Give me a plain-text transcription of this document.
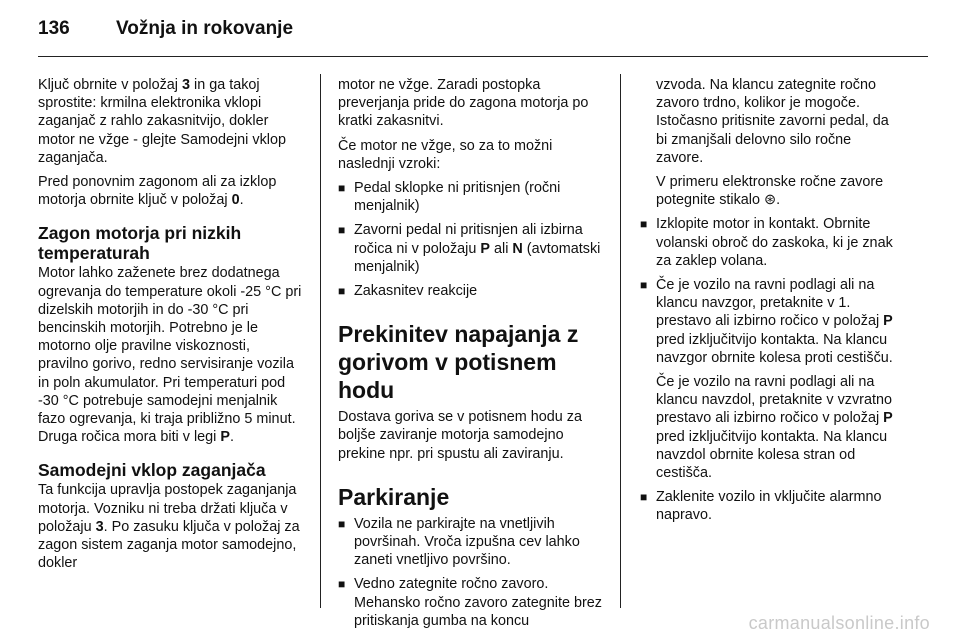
136	Vožnja in rokovanje

Ključ obrnite v položaj 3 in ga takoj sprostite: krmilna elektronika vklopi zaganjač z rahlo zakasnitvijo, dokler motor ne vžge - glejte Samodejni vklop zaganjača.

Pred ponovnim zagonom ali za izklop motorja obrnite ključ v položaj 0.

Zagon motorja pri nizkih temperaturah

Motor lahko zaženete brez dodatnega ogrevanja do temperature okoli -25 °C pri dizelskih motorjih in do -30 °C pri bencinskih motorjih. Potrebno je le motorno olje pravilne viskoznosti, pravilno gorivo, redno servisiranje vozila in poln akumulator. Pri temperaturi pod -30 °C potrebuje samodejni menjalnik fazo ogrevanja, ki traja približno 5 minut. Druga ročica mora biti v legi P.

Samodejni vklop zaganjača

Ta funkcija upravlja postopek zaganjanja motorja. Vozniku ni treba držati ključa v položaju 3. Po zasuku ključa v položaj za zagon sistem zaganja motor samodejno, dokler

motor ne vžge. Zaradi postopka preverjanja pride do zagona motorja po kratki zakasnitvi.

Če motor ne vžge, so za to možni naslednji vzroki:

■ Pedal sklopke ni pritisnjen (ročni menjalnik)
■ Zavorni pedal ni pritisnjen ali izbirna ročica ni v položaju P ali N (avtomatski menjalnik)
■ Zakasnitev reakcije
Prekinitev napajanja z gorivom v potisnem hodu

Dostava goriva se v potisnem hodu za boljše zaviranje motorja samodejno prekine npr. pri spustu ali zaviranju.

Parkiranje
■ Vozila ne parkirajte na vnetljivih površinah. Vroča izpušna cev lahko zaneti vnetljivo površino.
■ Vedno zategnite ročno zavoro. Mehansko ročno zavoro zategnite brez pritiskanja gumba na koncu

vzvoda. Na klancu zategnite ročno zavoro trdno, kolikor je mogoče. Istočasno pritisnite zavorni pedal, da bi zmanjšali delovno silo ročne zavore.

V primeru elektronske ročne zavore potegnite stikalo ⊛.

■ Izklopite motor in kontakt. Obrnite volanski obroč do zaskoka, ki je znak za zaklep volana.
■ Če je vozilo na ravni podlagi ali na klancu navzgor, pretaknite v 1. prestavo ali izbirno ročico v položaj P pred izključitvijo kontakta. Na klancu navzgor obrnite kolesa proti cestišču.

Če je vozilo na ravni podlagi ali na klancu navzdol, pretaknite v vzvratno prestavo ali izbirno ročico v položaj P pred izključitvijo kontakta. Na klancu navzdol obrnite kolesa stran od cestišča.

■ Zaklenite vozilo in vključite alarmno napravo.
carmanualsonline.info
